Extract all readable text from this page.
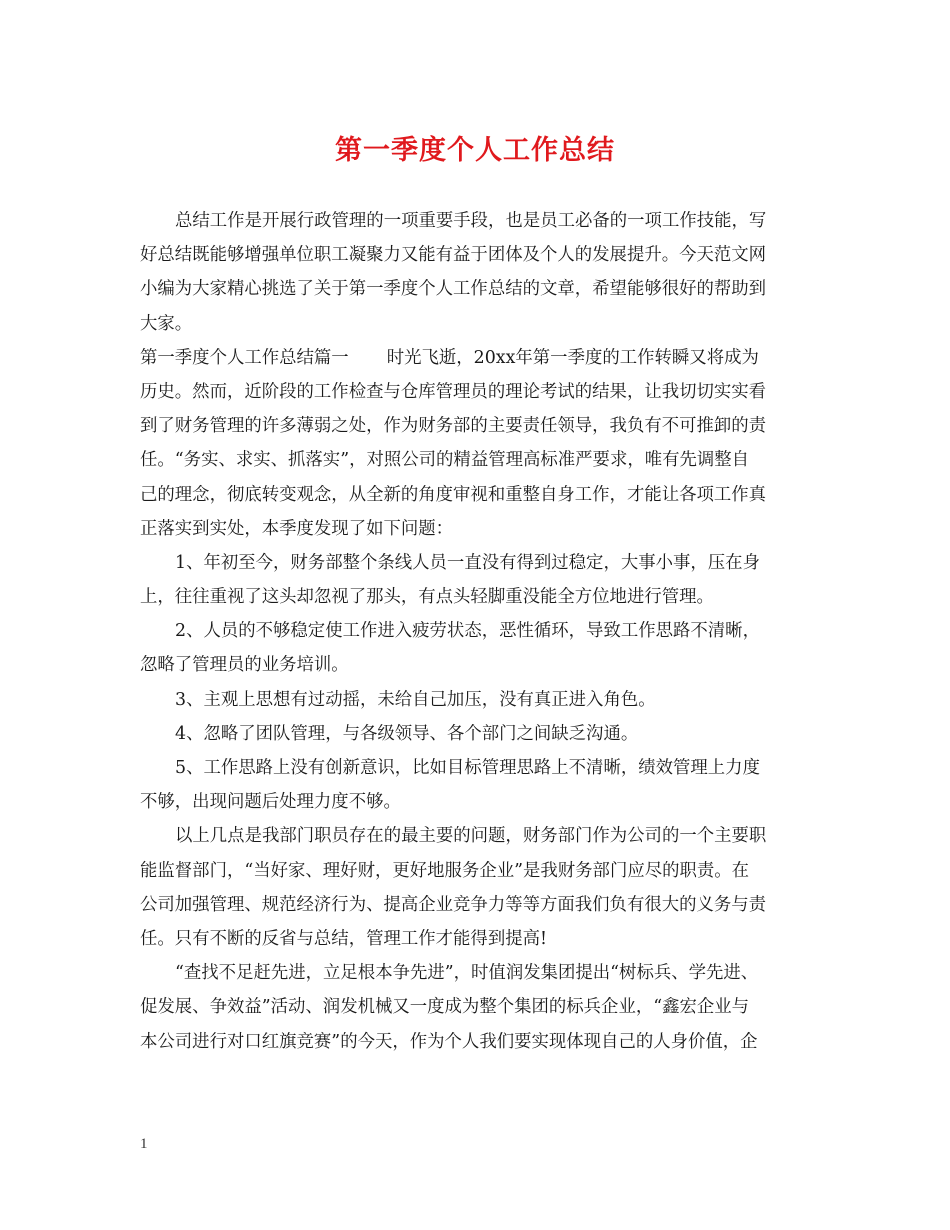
第一季度个人工作总结
总结工作是开展行政管理的一项重要手段，也是员工必备的一项工作技能，写
好总结既能够增强单位职工凝聚力又能有益于团体及个人的发展提升。今天范文网
小编为大家精心挑选了关于第一季度个人工作总结的文章，希望能够很好的帮助到
大家。
第一季度个人工作总结篇一 时光飞逝，20xx年第一季度的工作转瞬又将成为
历史。然而，近阶段的工作检查与仓库管理员的理论考试的结果，让我切切实实看
到了财务管理的许多薄弱之处，作为财务部的主要责任领导，我负有不可推卸的责
任。“务实、求实、抓落实”，对照公司的精益管理高标准严要求，唯有先调整自
己的理念，彻底转变观念，从全新的角度审视和重整自身工作，才能让各项工作真
正落实到实处，本季度发现了如下问题：
1、年初至今，财务部整个条线人员一直没有得到过稳定，大事小事，压在身
上，往往重视了这头却忽视了那头，有点头轻脚重没能全方位地进行管理。
2、人员的不够稳定使工作进入疲劳状态，恶性循环，导致工作思路不清晰，
忽略了管理员的业务培训。
3、主观上思想有过动摇，未给自己加压，没有真正进入角色。
4、忽略了团队管理，与各级领导、各个部门之间缺乏沟通。
5、工作思路上没有创新意识，比如目标管理思路上不清晰，绩效管理上力度
不够，出现问题后处理力度不够。
以上几点是我部门职员存在的最主要的问题，财务部门作为公司的一个主要职
能监督部门，“当好家、理好财，更好地服务企业”是我财务部门应尽的职责。在
公司加强管理、规范经济行为、提高企业竞争力等等方面我们负有很大的义务与责
任。只有不断的反省与总结，管理工作才能得到提高!
“查找不足赶先进，立足根本争先进”，时值润发集团提出“树标兵、学先进、
促发展、争效益”活动、润发机械又一度成为整个集团的标兵企业，“鑫宏企业与
本公司进行对口红旗竞赛”的今天，作为个人我们要实现体现自己的人身价值，企
1
